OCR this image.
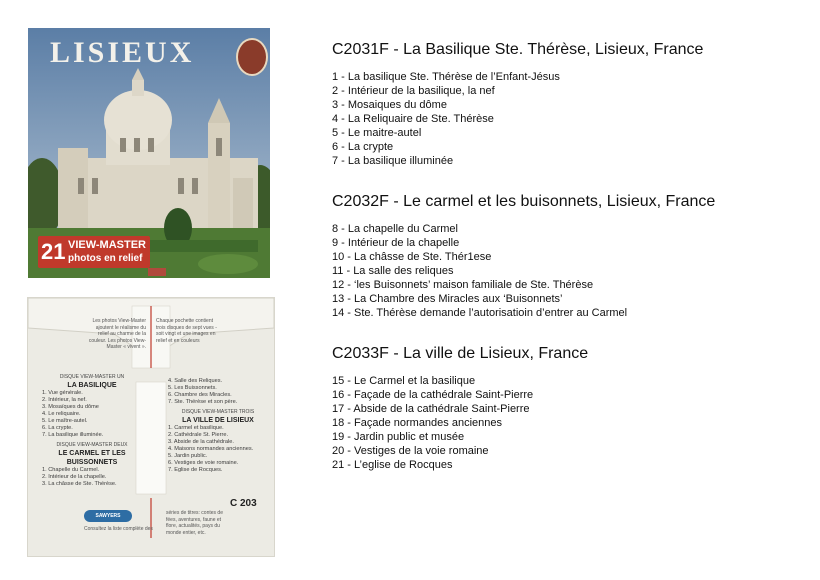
LISIEUX
21 VIEW-MASTER
photos en relief
Les photos View-Master ajoutent le réalisme du relief au charme de la couleur. Les photos View-Master « vivent ».
Chaque pochette contient trois disques de sept vues - soit vingt et une images en relief et en couleurs
DISQUE VIEW-MASTER UN
LA BASILIQUE
1. Vue générale.
2. Intérieur, la nef.
3. Mosaïques du dôme
4. Le reliquaire.
5. Le maître-autel.
6. La crypte.
7. La basilique illuminée.
DISQUE VIEW-MASTER DEUX
LE CARMEL ET LES BUISSONNETS
1. Chapelle du Carmel.
2. Intérieur de la chapelle.
3. La châsse de Ste. Thérèse.
4. Salle des Reliques.
5. Les Buissonnets.
6. Chambre des Miracles.
7. Ste. Thérèse et son père.
DISQUE VIEW-MASTER TROIS
LA VILLE DE LISIEUX
1. Carmel et basilique.
2. Cathédrale St. Pierre.
3. Abside de la cathédrale.
4. Maisons normandes anciennes.
5. Jardin public.
6. Vestiges de voie romaine.
7. Eglise de Rocques.
C 203
SAWYERS
Consultez la liste complète des
séries de titres: contes de fées, aventures, faune et flore, actualités, pays du monde entier, etc.
C2031F - La Basilique Ste. Thérèse, Lisieux, France
1 - La basilique Ste. Thérèse de l’Enfant-Jésus
2 - Intérieur de la basilique, la nef
3 - Mosaiques du dôme
4 - La Reliquaire de Ste. Thérèse
5 - Le maitre-autel
6 - La crypte
7 - La basilique illuminée
C2032F - Le carmel et les buisonnets, Lisieux, France
8 - La chapelle du Carmel
9 - Intérieur de la chapelle
10 - La châsse de Ste. Thér1ese
11 - La salle des reliques
12 - ‘les Buisonnets’ maison familiale de Ste. Thérèse
13 - La Chambre des Miracles aux ‘Buisonnets’
14 - Ste. Thérèse demande l’autorisatioin d’entrer au Carmel
C2033F - La ville de Lisieux, France
15 - Le Carmel et la basilique
16 - Façade de la cathédrale Saint-Pierre
17 - Abside de la cathédrale Saint-Pierre
18 - Façade normandes anciennes
19 - Jardin public et musée
20 - Vestiges de la voie romaine
21 - L’eglise de Rocques
